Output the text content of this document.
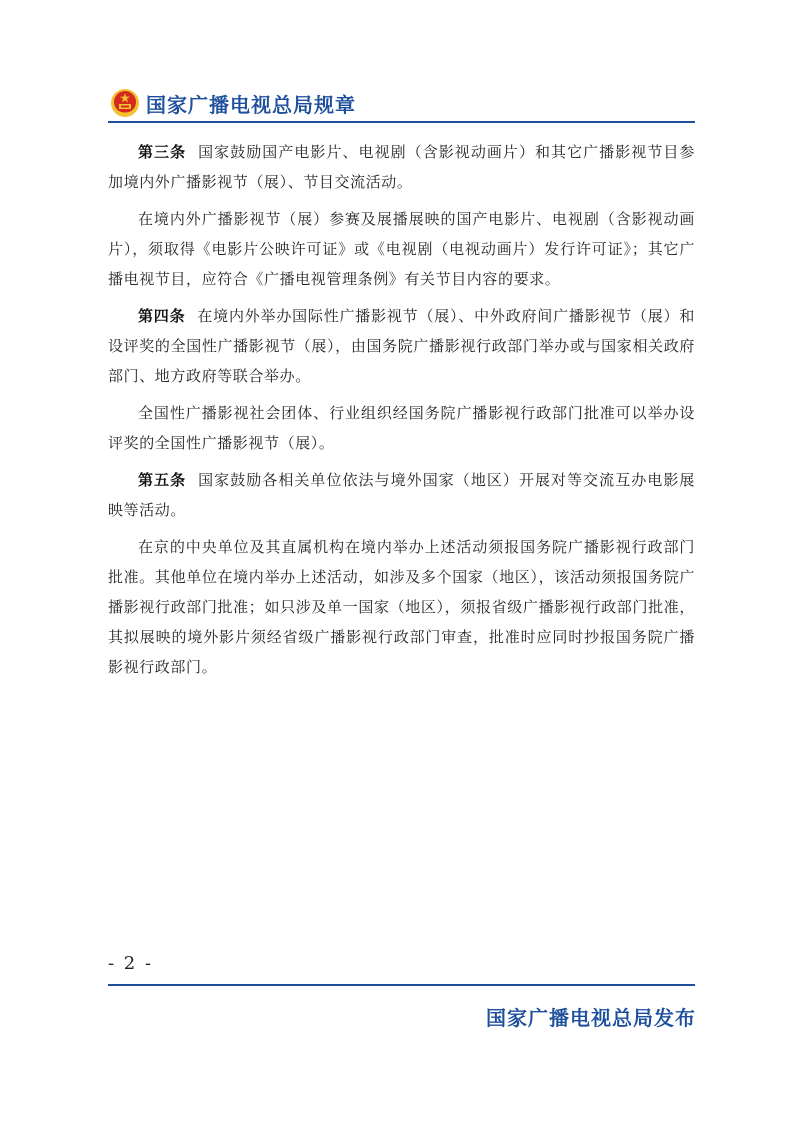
国家广播电视总局规章

第三条 国家鼓励国产电影片、电视剧（含影视动画片）和其它广播影视节目参加境内外广播影视节（展）、节目交流活动。

在境内外广播影视节（展）参赛及展播展映的国产电影片、电视剧（含影视动画片），须取得《电影片公映许可证》或《电视剧（电视动画片）发行许可证》；其它广播电视节目，应符合《广播电视管理条例》有关节目内容的要求。

第四条 在境内外举办国际性广播影视节（展）、中外政府间广播影视节（展）和设评奖的全国性广播影视节（展），由国务院广播影视行政部门举办或与国家相关政府部门、地方政府等联合举办。

全国性广播影视社会团体、行业组织经国务院广播影视行政部门批准可以举办设评奖的全国性广播影视节（展）。

第五条 国家鼓励各相关单位依法与境外国家（地区）开展对等交流互办电影展映等活动。

在京的中央单位及其直属机构在境内举办上述活动须报国务院广播影视行政部门批准。其他单位在境内举办上述活动，如涉及多个国家（地区），该活动须报国务院广播影视行政部门批准；如只涉及单一国家（地区），须报省级广播影视行政部门批准，其拟展映的境外影片须经省级广播影视行政部门审查，批准时应同时抄报国务院广播影视行政部门。

- 2 -
国家广播电视总局发布
